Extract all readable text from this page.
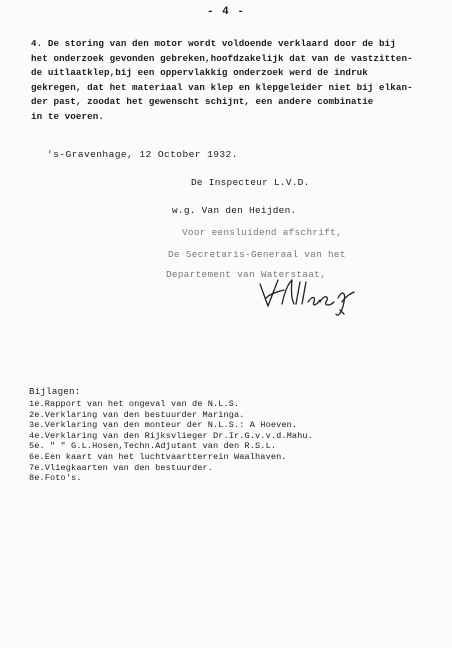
- 4 -
4. De storing van den motor wordt voldoende verklaard door de bij
het onderzoek gevonden gebreken,hoofdzakelijk dat van de vastzitten-
de uitlaatklep,bij een oppervlakkig onderzoek werd de indruk
gekregen, dat het materiaal van klep en klepgeleider niet bij elkan-
der past, zoodat het gewenscht schijnt, een andere combinatie
in te voeren.
's-Gravenhage, 12 October 1932.
De Inspecteur L.V.D.
w.g. Van den Heijden.
Voor eensluidend afschrift,
De Secretaris-Generaal van het
Departement van Waterstaat,
Bijlagen:
1e.Rapport van het ongeval van de N.L.S.
2e.Verklaring van den bestuurder Maringa.
3e.Verklaring van den monteur der N.L.S.: A Hoeven.
4e.Verklaring van den Rijksvlieger Dr.Ir.G.v.v.d.Mahu.
5e. " " G.L.Hosen,Techn.Adjutant van den R.S.L.
6e.Een kaart van het luchtvaartterrein Waalhaven.
7e.Vliegkaarten van den bestuurder.
8e.Foto's.
